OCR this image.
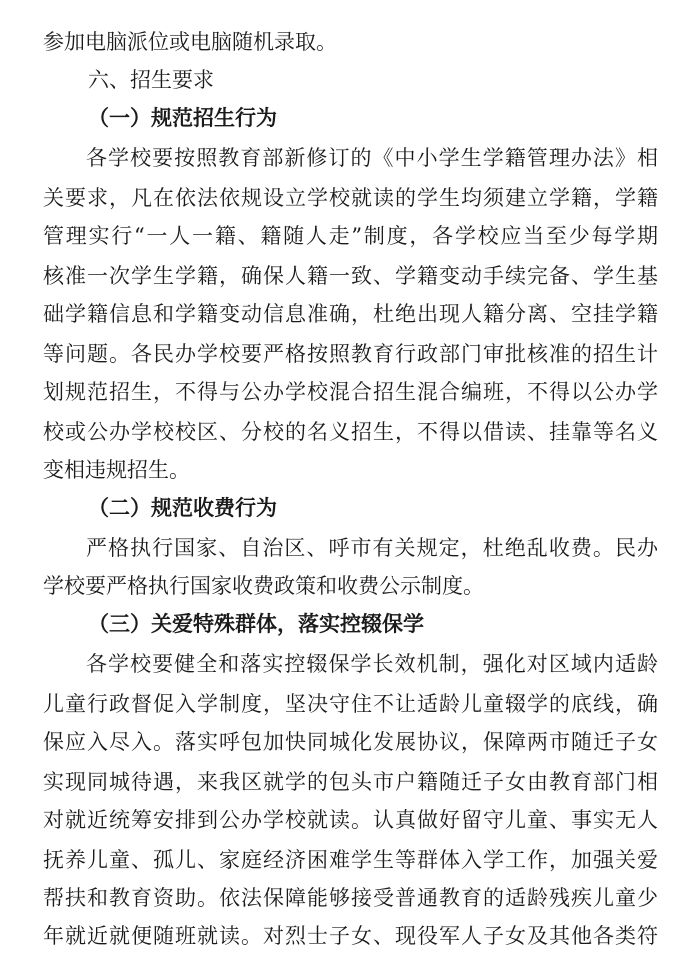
参加电脑派位或电脑随机录取。
六、招生要求
（一）规范招生行为
各学校要按照教育部新修订的《中小学生学籍管理办法》相
关要求，凡在依法依规设立学校就读的学生均须建立学籍，学籍
管理实行“一人一籍、籍随人走”制度，各学校应当至少每学期
核准一次学生学籍，确保人籍一致、学籍变动手续完备、学生基
础学籍信息和学籍变动信息准确，杜绝出现人籍分离、空挂学籍
等问题。各民办学校要严格按照教育行政部门审批核准的招生计
划规范招生，不得与公办学校混合招生混合编班，不得以公办学
校或公办学校校区、分校的名义招生，不得以借读、挂靠等名义
变相违规招生。
（二）规范收费行为
严格执行国家、自治区、呼市有关规定，杜绝乱收费。民办
学校要严格执行国家收费政策和收费公示制度。
（三）关爱特殊群体，落实控辍保学
各学校要健全和落实控辍保学长效机制，强化对区域内适龄
儿童行政督促入学制度，坚决守住不让适龄儿童辍学的底线，确
保应入尽入。落实呼包加快同城化发展协议，保障两市随迁子女
实现同城待遇，来我区就学的包头市户籍随迁子女由教育部门相
对就近统筹安排到公办学校就读。认真做好留守儿童、事实无人
抚养儿童、孤儿、家庭经济困难学生等群体入学工作，加强关爱
帮扶和教育资助。依法保障能够接受普通教育的适龄残疾儿童少
年就近就便随班就读。对烈士子女、现役军人子女及其他各类符
